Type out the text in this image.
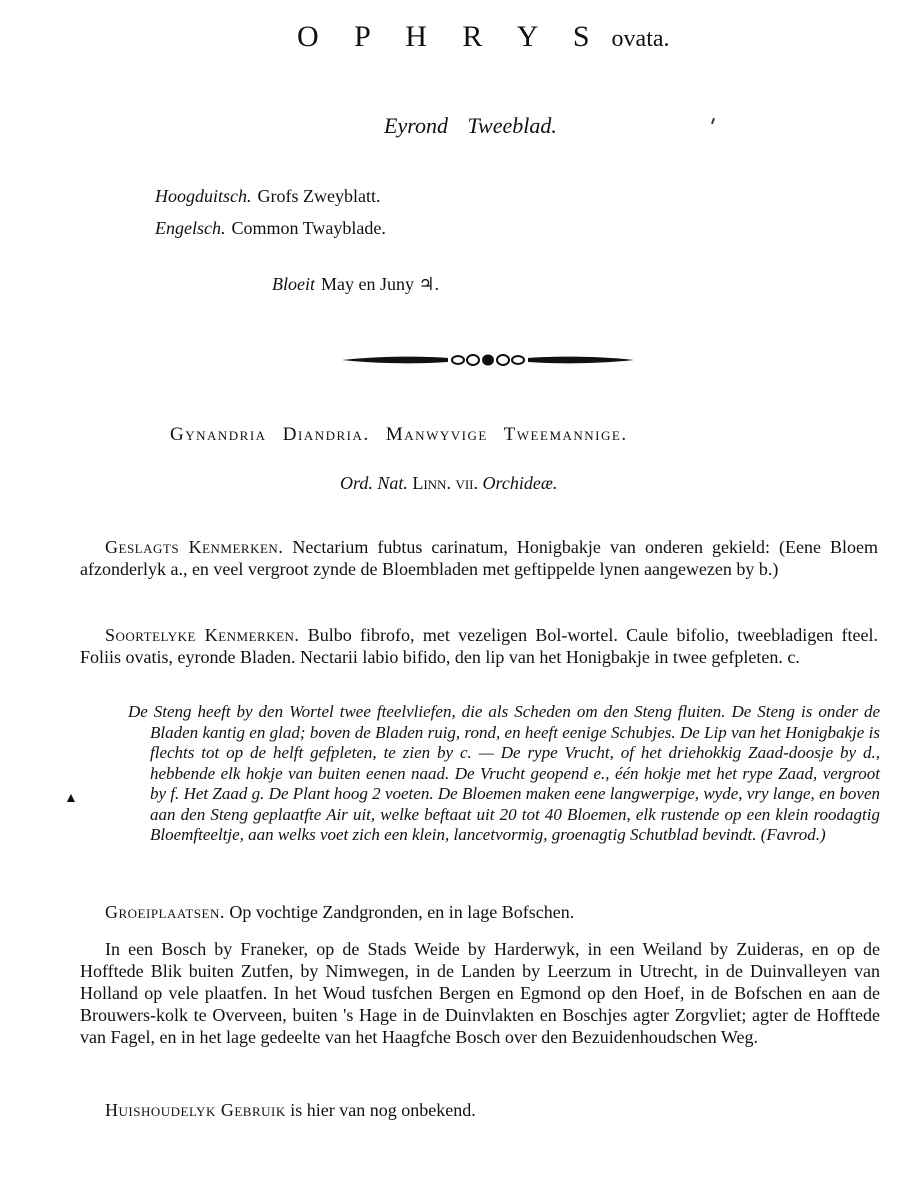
O P H R Y S ovata.
Eyrond Tweeblad.
Hoogduitsch. Grofs Zweyblatt.
Engelsch. Common Twayblade.
Bloeit May en Juny ♃.
Gynandria Diandria. Manwyvige Tweemannige.
Ord. Nat. Linn. vii. Orchideæ.
Geslagts Kenmerken. Nectarium fubtus carinatum, Honigbakje van onderen gekield: (Eene Bloem afzonderlyk a., en veel vergroot zynde de Bloembladen met geftippelde lynen aangewezen by b.)
Soortelyke Kenmerken. Bulbo fibrofo, met vezeligen Bol-wortel. Caule bifolio, tweebladigen fteel. Foliis ovatis, eyronde Bladen. Nectarii labio bifido, den lip van het Honigbakje in twee gefpleten. c.
▲
De Steng heeft by den Wortel twee fteelvliefen, die als Scheden om den Steng fluiten. De Steng is onder de Bladen kantig en glad; boven de Bladen ruig, rond, en heeft eenige Schubjes. De Lip van het Honigbakje is flechts tot op de helft gefpleten, te zien by c. — De rype Vrucht, of het driehokkig Zaad-doosje by d., hebbende elk hokje van buiten eenen naad. De Vrucht geopend e., één hokje met het rype Zaad, vergroot by f. Het Zaad g. De Plant hoog 2 voeten. De Bloemen maken eene langwerpige, wyde, vry lange, en boven aan den Steng geplaatfte Air uit, welke beftaat uit 20 tot 40 Bloemen, elk rustende op een klein roodagtig Bloemfteeltje, aan welks voet zich een klein, lancetvormig, groenagtig Schutblad bevindt. (Favrod.)
Groeiplaatsen. Op vochtige Zandgronden, en in lage Bofschen.
In een Bosch by Franeker, op de Stads Weide by Harderwyk, in een Weiland by Zuideras, en op de Hofftede Blik buiten Zutfen, by Nimwegen, in de Landen by Leerzum in Utrecht, in de Duinvalleyen van Holland op vele plaatfen. In het Woud tusfchen Bergen en Egmond op den Hoef, in de Bofschen en aan de Brouwers-kolk te Overveen, buiten 's Hage in de Duinvlakten en Boschjes agter Zorgvliet; agter de Hofftede van Fagel, en in het lage gedeelte van het Haagfche Bosch over den Bezuidenhoudschen Weg.
Huishoudelyk Gebruik is hier van nog onbekend.
